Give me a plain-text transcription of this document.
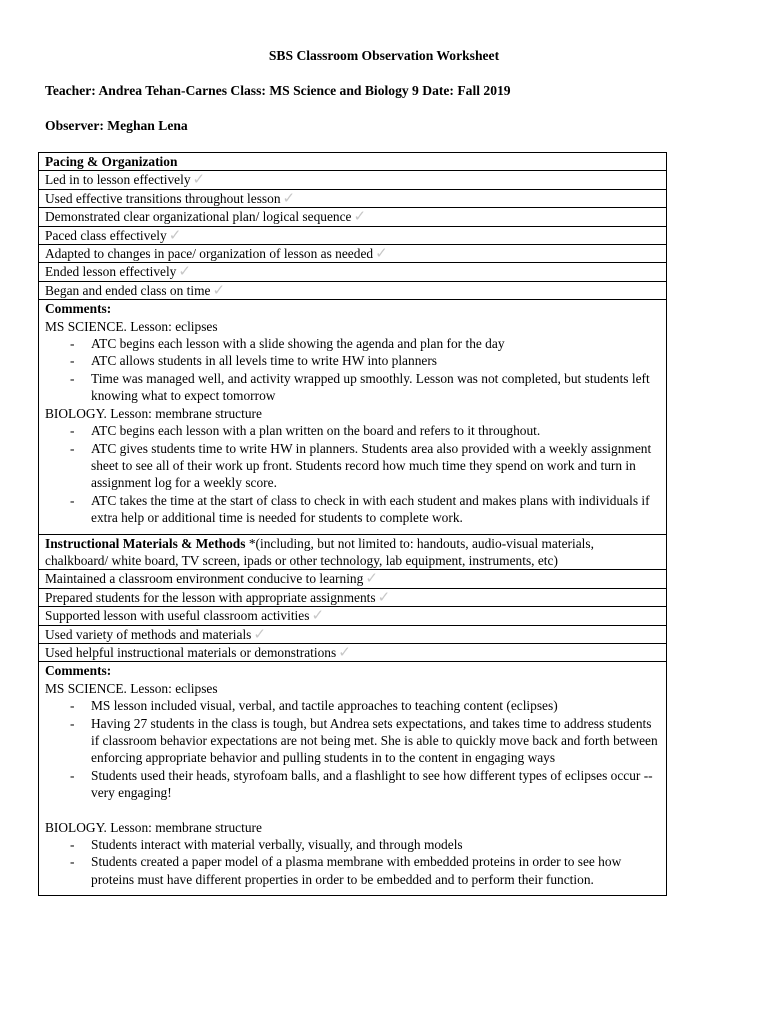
SBS Classroom Observation Worksheet
Teacher: Andrea Tehan-Carnes Class: MS Science and Biology 9 Date: Fall 2019
Observer: Meghan Lena
Pacing & Organization
Led in to lesson effectively ✓
Used effective transitions throughout lesson ✓
Demonstrated clear organizational plan/ logical sequence ✓
Paced class effectively ✓
Adapted to changes in pace/ organization of lesson as needed ✓
Ended lesson effectively ✓
Began and ended class on time ✓

Comments:
MS SCIENCE. Lesson: eclipses
- ATC begins each lesson with a slide showing the agenda and plan for the day
- ATC allows students in all levels time to write HW into planners
- Time was managed well, and activity wrapped up smoothly. Lesson was not completed, but students left knowing what to expect tomorrow
BIOLOGY. Lesson: membrane structure
- ATC begins each lesson with a plan written on the board and refers to it throughout.
- ATC gives students time to write HW in planners. Students area also provided with a weekly assignment sheet to see all of their work up front. Students record how much time they spend on work and turn in assignment log for a weekly score.
- ATC takes the time at the start of class to check in with each student and makes plans with individuals if extra help or additional time is needed for students to complete work.

Instructional Materials & Methods *(including, but not limited to: handouts, audio-visual materials, chalkboard/ white board, TV screen, ipads or other technology, lab equipment, instruments, etc)
Maintained a classroom environment conducive to learning ✓
Prepared students for the lesson with appropriate assignments ✓
Supported lesson with useful classroom activities ✓
Used variety of methods and materials ✓
Used helpful instructional materials or demonstrations ✓

Comments:
MS SCIENCE. Lesson: eclipses
- MS lesson included visual, verbal, and tactile approaches to teaching content (eclipses)
- Having 27 students in the class is tough, but Andrea sets expectations, and takes time to address students if classroom behavior expectations are not being met. She is able to quickly move back and forth between enforcing appropriate behavior and pulling students in to the content in engaging ways
- Students used their heads, styrofoam balls, and a flashlight to see how different types of eclipses occur -- very engaging!
BIOLOGY. Lesson: membrane structure
- Students interact with material verbally, visually, and through models
- Students created a paper model of a plasma membrane with embedded proteins in order to see how proteins must have different properties in order to be embedded and to perform their function.
